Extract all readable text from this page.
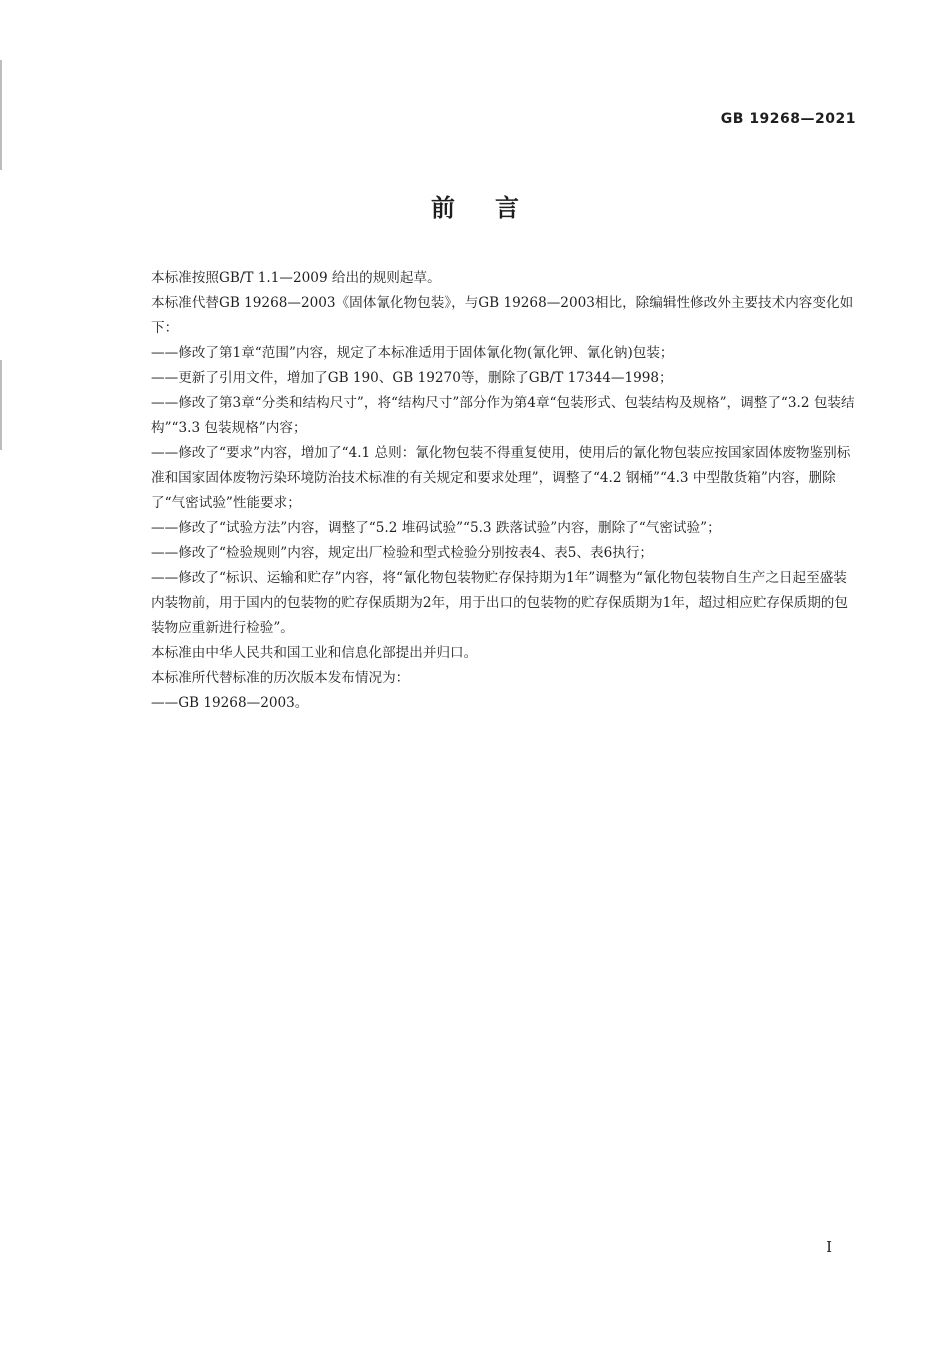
GB 19268—2021
前言
本标准按照GB/T 1.1—2009 给出的规则起草。
本标准代替GB 19268—2003《固体氰化物包装》，与GB 19268—2003相比，除编辑性修改外主要技术内容变化如下：
——修改了第1章“范围”内容，规定了本标准适用于固体氰化物(氰化钾、氰化钠)包装；
——更新了引用文件，增加了GB 190、GB 19270等，删除了GB/T 17344—1998；
——修改了第3章“分类和结构尺寸”，将“结构尺寸”部分作为第4章“包装形式、包装结构及规格”，调整了“3.2 包装结构”“3.3 包装规格”内容；
——修改了“要求”内容，增加了“4.1 总则：氰化物包装不得重复使用，使用后的氰化物包装应按国家固体废物鉴别标准和国家固体废物污染环境防治技术标准的有关规定和要求处理”，调整了“4.2 钢桶”“4.3 中型散货箱”内容，删除了“气密试验”性能要求；
——修改了“试验方法”内容，调整了“5.2 堆码试验”“5.3 跌落试验”内容，删除了“气密试验”；
——修改了“检验规则”内容，规定出厂检验和型式检验分别按表4、表5、表6执行；
——修改了“标识、运输和贮存”内容，将“氰化物包装物贮存保持期为1年”调整为“氰化物包装物自生产之日起至盛装内装物前，用于国内的包装物的贮存保质期为2年，用于出口的包装物的贮存保质期为1年，超过相应贮存保质期的包装物应重新进行检验”。
本标准由中华人民共和国工业和信息化部提出并归口。
本标准所代替标准的历次版本发布情况为：
——GB 19268—2003。
I
